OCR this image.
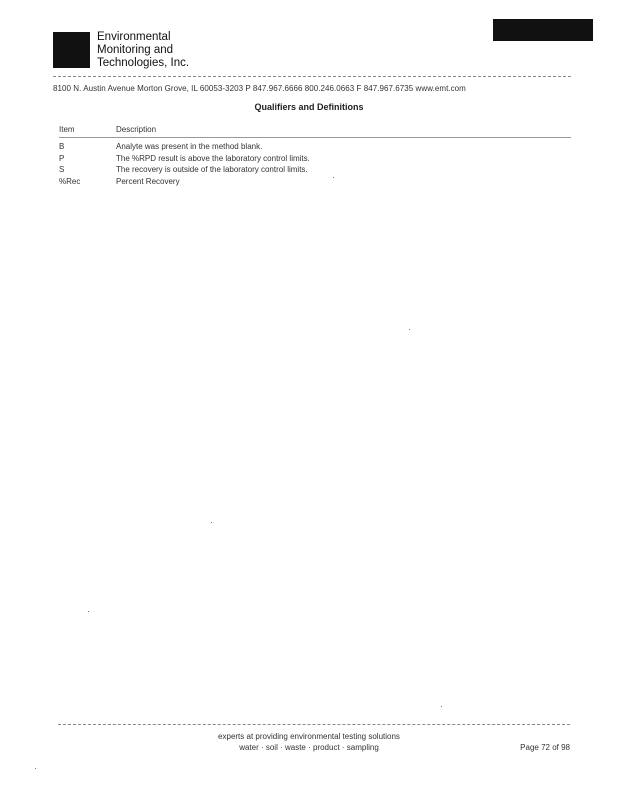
Environmental
Monitoring and
Technologies, Inc.
8100 N. Austin Avenue Morton Grove, IL 60053-3203 P 847.967.6666 800.246.0663 F 847.967.6735 www.emt.com
Qualifiers and Definitions
Item	Description
B	Analyte was present in the method blank.
P	The %RPD result is above the laboratory control limits.
S	The recovery is outside of the laboratory control limits.
%Rec	Percent Recovery
experts at providing environmental testing solutions
water · soil · waste · product · sampling	Page 72 of 98
